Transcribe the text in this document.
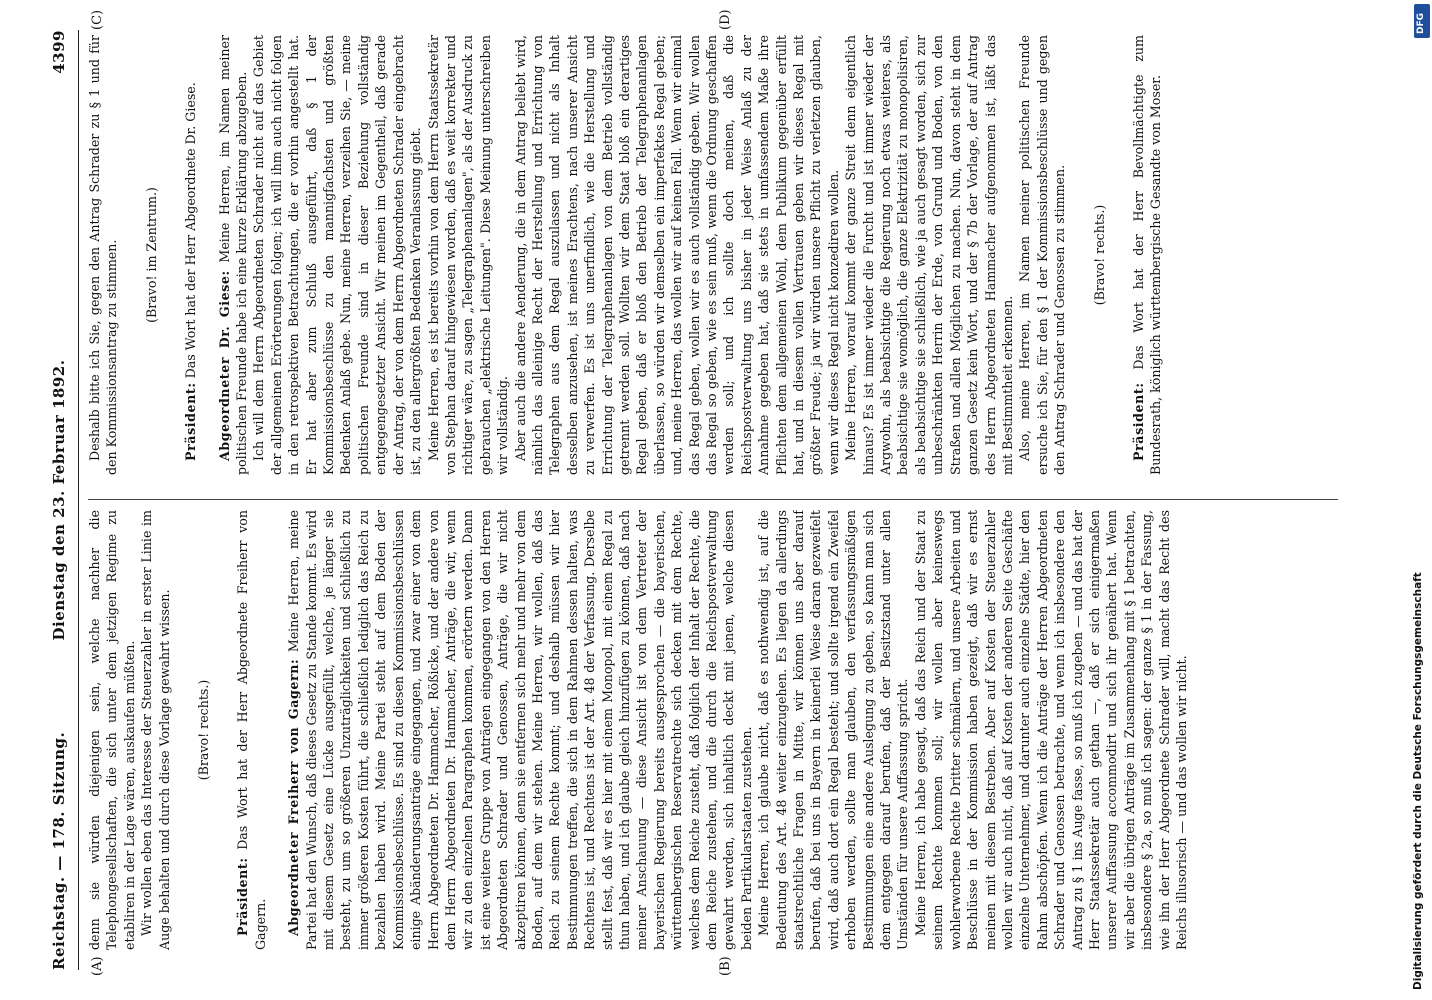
Reichstag. — 178. Sitzung.
Dienstag den 23. Februar 1892.
4399
(A)	(B)
(C)	(D)

denn sie würden diejenigen sein, welche nachher die Telephongesellschaften, die sich unter dem jetzigen Regime zu etabliren in der Lage wären, auskaufen müßten. Wir wollen eben das Interesse der Steuerzahler in erster Linie im Auge behalten und durch diese Vorlage gewahrt wissen. (Bravo! rechts.)

Präsident: Das Wort hat der Herr Abgeordnete Freiherr von Gagern. Abgeordneter Freiherr von Gagern: Meine Herren, meine Partei hat den Wunsch, daß dieses Gesetz zu Stande kommt. Es wird mit diesem Gesetz eine Lücke ausgefüllt, welche, je länger sie besteht, zu um so größeren Unzuträglichkeiten und schließlich zu immer größeren Kosten führt, die schließlich lediglich das Reich zu bezahlen haben wird. Meine Partei steht auf dem Boden der Kommissionsbeschlüsse. Es sind zu diesen Kommissionsbeschlüssen einige Abänderungsanträge eingegangen, und zwar einer von dem Herrn Abgeordneten Dr. Hammacher, Rößicke, und der andere von dem Herrn Abgeordneten Dr. Hammacher, Anträge, die wir, wenn wir zu den einzelnen Paragraphen kommen, erörtern werden. Dann ist eine weitere Gruppe von Anträgen eingegangen von den Herren Abgeordneten Schrader und Genossen, Anträge, die wir nicht akzeptiren können, denn sie entfernen sich mehr und mehr von dem Boden, auf dem wir stehen. Meine Herren, wir wollen, daß das Reich zu seinem Rechte kommt; und deshalb müssen wir hier Bestimmungen treffen, die sich in dem Rahmen dessen halten, was Rechtens ist, und Rechtens ist der Art. 48 der Verfassung. Derselbe stellt fest, daß wir es hier mit einem Monopol, mit einem Regal zu thun haben, und ich glaube gleich hinzufügen zu können, daß nach meiner Anschauung — diese Ansicht ist von dem Vertreter der bayerischen Regierung bereits ausgesprochen — die bayerischen, württembergischen Reservatrechte sich decken mit dem Rechte, welches dem Reiche zusteht, daß folglich der Inhalt der Rechte, die dem Reiche zustehen, und die durch die Reichspostverwaltung gewahrt werden, sich inhaltlich deckt mit jenen, welche diesen beiden Partikularstaaten zustehen. Meine Herren, ich glaube nicht, daß es nothwendig ist, auf die Bedeutung des Art. 48 weiter einzugehen. Es liegen da allerdings staatsrechtliche Fragen in Mitte, wir können uns aber darauf berufen, daß bei uns in Bayern in keinerlei Weise daran gezweifelt wird, daß auch dort ein Regal besteht; und sollte irgend ein Zweifel erhoben werden, sollte man glauben, den verfassungsmäßigen Bestimmungen eine andere Auslegung zu geben, so kann man sich dem entgegen darauf berufen, daß der Besitzstand unter allen Umständen für unsere Auffassung spricht. Meine Herren, ich habe gesagt, daß das Reich und der Staat zu seinem Rechte kommen soll; wir wollen aber keineswegs wohlerworbene Rechte Dritter schmälern, und unsere Arbeiten und Beschlüsse in der Kommission haben gezeigt, daß wir es ernst meinen mit diesem Bestreben. Aber auf Kosten der Steuerzahler wollen wir auch nicht, daß auf Kosten der anderen Seite Geschäfte einzelne Unternehmer, und darunter auch einzelne Städte, hier den Rahm abschöpfen. Wenn ich die Anträge der Herren Abgeordneten Schrader und Genossen betrachte, und wenn ich insbesondere den Antrag zu § 1 ins Auge fasse, so muß ich zugeben — und das hat der Herr Staatssekretär auch gethan —, daß er sich einigermaßen unserer Auffassung accommodirt und sich ihr genähert hat. Wenn wir aber die übrigen Anträge im Zusammenhang mit § 1 betrachten, insbesondere § 2a, so muß ich sagen: der ganze § 1 in der Fassung, wie ihn der Herr Abgeordnete Schrader will, macht das Recht des Reichs illusorisch — und das wollen wir nicht.

Deshalb bitte ich Sie, gegen den Antrag Schrader zu § 1 und für den Kommissionsantrag zu stimmen. (Bravo! im Zentrum.)

Präsident: Das Wort hat der Herr Abgeordnete Dr. Giese. Abgeordneter Dr. Giese: Meine Herren, im Namen meiner politischen Freunde habe ich eine kurze Erklärung abzugeben. Ich will dem Herrn Abgeordneten Schrader nicht auf das Gebiet der allgemeinen Erörterungen folgen; ich will ihm auch nicht folgen in den retrospektiven Betrachtungen, die er vorhin angestellt hat. Er hat aber zum Schluß ausgeführt, daß § 1 der Kommissionsbeschlüsse zu den mannigfachsten und größten Bedenken Anlaß gebe. Nun, meine Herren, verzeihen Sie, — meine politischen Freunde sind in dieser Beziehung vollständig entgegengesetzter Ansicht. Wir meinen im Gegentheil, daß gerade der Antrag, der von dem Herrn Abgeordneten Schrader eingebracht ist, zu den allergrößten Bedenken Veranlassung giebt. Meine Herren, es ist bereits vorhin von dem Herrn Staatssekretär von Stephan darauf hingewiesen worden, daß es weit korrekter und richtiger wäre, zu sagen „Telegraphenanlagen", als der Ausdruck zu gebrauchen „elektrische Leitungen". Diese Meinung unterschreiben wir vollständig. Aber auch die andere Aenderung, die in dem Antrag beliebt wird, nämlich das alleinige Recht der Herstellung und Errichtung von Telegraphen aus dem Regal auszulassen und nicht als Inhalt desselben anzusehen, ist meines Erachtens, nach unserer Ansicht zu verwerfen. Es ist uns unerfindlich, wie die Herstellung und Errichtung der Telegraphenanlagen von dem Betrieb vollständig getrennt werden soll. Wollten wir dem Staat bloß ein derartiges Regal geben, daß er bloß den Betrieb der Telegraphenanlagen überlassen, so würden wir demselben ein imperfektes Regal geben; und, meine Herren, das wollen wir auf keinen Fall. Wenn wir einmal das Regal geben, wollen wir es auch vollständig geben. Wir wollen das Regal so geben, wie es sein muß, wenn die Ordnung geschaffen werden soll; und ich sollte doch meinen, daß die Reichspostverwaltung uns bisher in jeder Weise Anlaß zu der Annahme gegeben hat, daß sie stets in umfassendem Maße ihre Pflichten dem allgemeinen Wohl, dem Publikum gegenüber erfüllt hat, und in diesem vollen Vertrauen geben wir dieses Regal mit größter Freude; ja wir würden unsere Pflicht zu verletzen glauben, wenn wir dieses Regal nicht konzediren wollen. Meine Herren, worauf kommt der ganze Streit denn eigentlich hinaus? Es ist immer wieder die Furcht und ist immer wieder der Argwohn, als beabsichtige die Regierung noch etwas weiteres, als beabsichtige sie womöglich, die ganze Elektrizität zu monopolisiren, als beabsichtige sie schließlich, wie ja auch gesagt worden, sich zur unbeschränkten Herrin der Erde, von Grund und Boden, von den Straßen und allen Möglichen zu machen. Nun, davon steht in dem ganzen Gesetz kein Wort, und der § 7b der Vorlage, der auf Antrag des Herrn Abgeordneten Hammacher aufgenommen ist, läßt das mit Bestimmtheit erkennen. Also, meine Herren, im Namen meiner politischen Freunde ersuche ich Sie, für den § 1 der Kommissionsbeschlüsse und gegen den Antrag Schrader und Genossen zu stimmen. (Bravo! rechts.)

Präsident: Das Wort hat der Herr Bevollmächtigte zum Bundesrath, königlich württembergische Gesandte von Moser.

DFG
Digitalisierung gefördert durch die Deutsche Forschungsgemeinschaft
